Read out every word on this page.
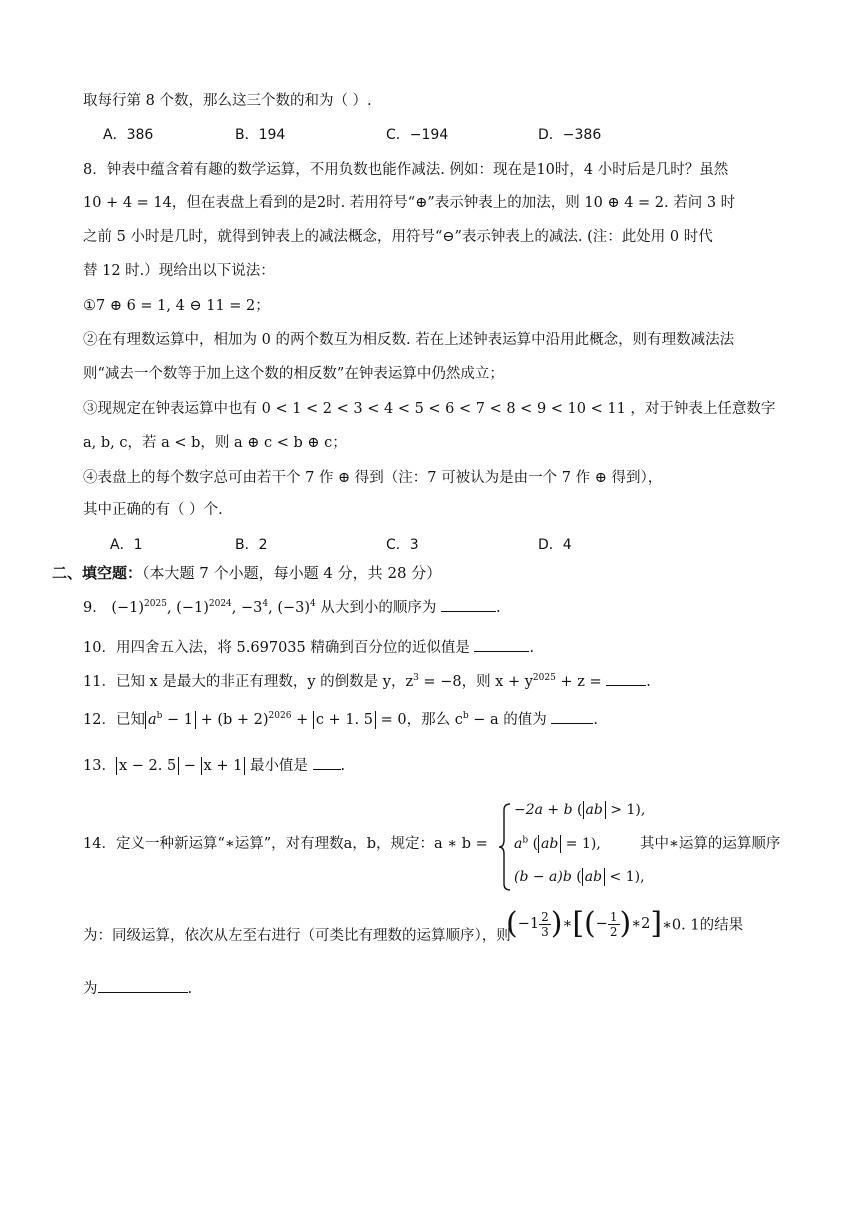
取每行第 8 个数，那么这三个数的和为（ ）.
A．386	B．194	C．−194	D．−386
8．钟表中蕴含着有趣的数学运算，不用负数也能作减法. 例如：现在是10时，4 小时后是几时？虽然
10 + 4 = 14，但在表盘上看到的是2时. 若用符号“⊕”表示钟表上的加法，则 10 ⊕ 4 = 2. 若问 3 时
之前 5 小时是几时，就得到钟表上的减法概念，用符号“⊖”表示钟表上的减法. (注：此处用 0 时代
替 12 时.）现给出以下说法：
①7 ⊕ 6 = 1, 4 ⊖ 11 = 2；
②在有理数运算中，相加为 0 的两个数互为相反数. 若在上述钟表运算中沿用此概念，则有理数减法法
则“减去一个数等于加上这个数的相反数”在钟表运算中仍然成立；
③现规定在钟表运算中也有 0 < 1 < 2 < 3 < 4 < 5 < 6 < 7 < 8 < 9 < 10 < 11 ，对于钟表上任意数字
a, b, c，若 a < b，则 a ⊕ c < b ⊕ c；
④表盘上的每个数字总可由若干个 7 作 ⊕ 得到（注：7 可被认为是由一个 7 作 ⊕ 得到），
其中正确的有（ ）个.
A．1	B．2	C．3	D．4
二、填空题：（本大题 7 个小题，每小题 4 分，共 28 分）
9． $(-1)^{2025}$, $(-1)^{2024}$, $-3^4$, $(-3)^4$ 从大到小的顺序为	.
10．用四舍五入法，将 5.697035 精确到百分位的近似值是	.
11．已知 x 是最大的非正有理数，y 的倒数是 y，$z^3 = -8$，则 $x + y^{2025} + z$ =	.
12．已知 $a^b - 1 + (b + 2)^{2026} + c + 1$. 5 = 0，那么 $c^b - a$ 的值为	.
13． x − 2. 5 − x + 1 最小值是 .
14．定义一种新运算“∗运算”，对有理数a，b，规定：a ∗ b =
−2a + b ( ab > 1),
$a^b$ ( ab = 1),
(b − a)b ( ab < 1),
其中∗运算的运算顺序
为：同级运算，依次从左至右进行（可类比有理数的运算顺序），则
($-1 \frac{2}{3}$ )∗[(− $\frac{1}{2}$ )∗2]∗0. 1的结果
为	.
